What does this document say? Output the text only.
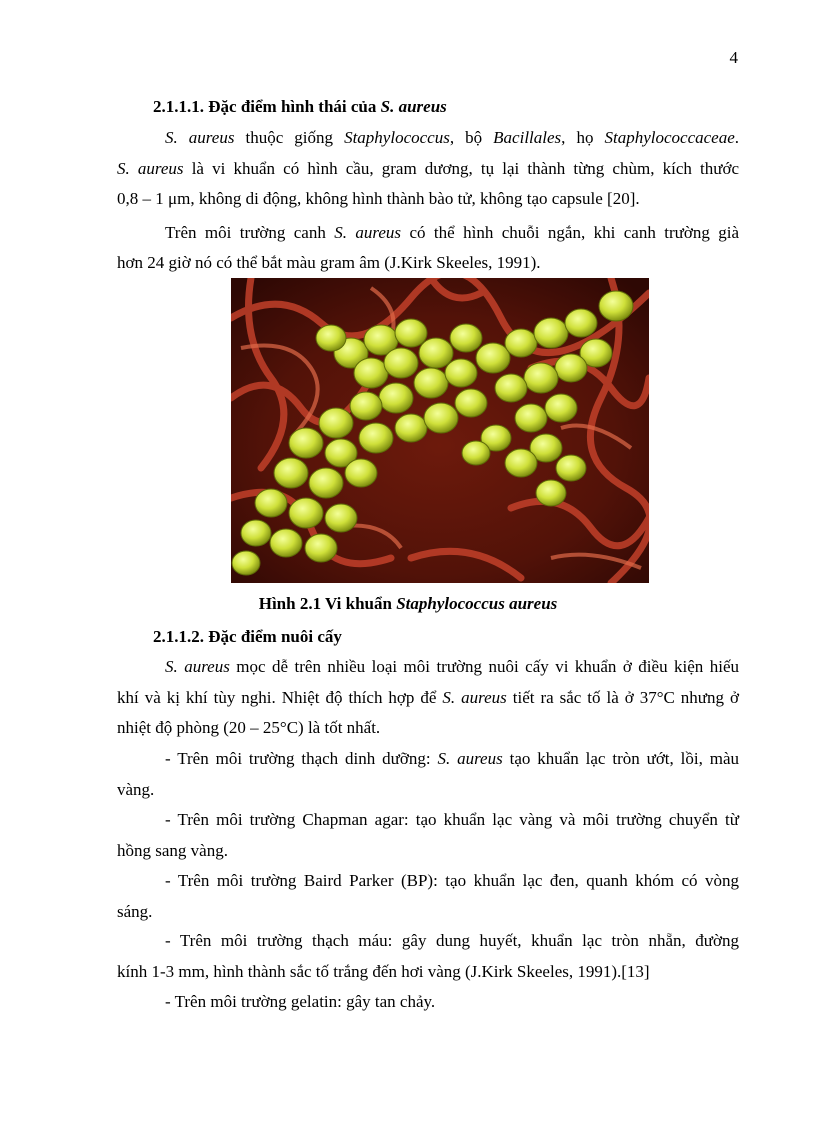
4
2.1.1.1. Đặc điểm hình thái của S. aureus
S. aureus thuộc giống Staphylococcus, bộ Bacillales, họ Staphylococcaceae.
S. aureus là vi khuẩn có hình cầu, gram dương, tụ lại thành từng chùm, kích thước
0,8 – 1 μm, không di động, không hình thành bào tử, không tạo capsule [20].
Trên môi trường canh S. aureus có thể hình chuỗi ngắn, khi canh trường già
hơn 24 giờ nó có thể bắt màu gram âm (J.Kirk Skeeles, 1991).
Hình 2.1 Vi khuẩn Staphylococcus aureus
2.1.1.2. Đặc điểm nuôi cấy
S. aureus mọc dễ trên nhiều loại môi trường nuôi cấy vi khuẩn ở điều kiện hiếu
khí và kị khí tùy nghi. Nhiệt độ thích hợp để S. aureus tiết ra sắc tố là ở 37°C nhưng ở
nhiệt độ phòng (20 – 25°C) là tốt nhất.
- Trên môi trường thạch dinh dưỡng: S. aureus tạo khuẩn lạc tròn ướt, lồi, màu
vàng.
- Trên môi trường Chapman agar: tạo khuẩn lạc vàng và môi trường chuyển từ
hồng sang vàng.
- Trên môi trường Baird Parker (BP): tạo khuẩn lạc đen, quanh khóm có vòng
sáng.
- Trên môi trường thạch máu: gây dung huyết, khuẩn lạc tròn nhẵn, đường
kính 1-3 mm, hình thành sắc tố trắng đến hơi vàng (J.Kirk Skeeles, 1991).[13]
- Trên môi trường gelatin: gây tan chảy.
